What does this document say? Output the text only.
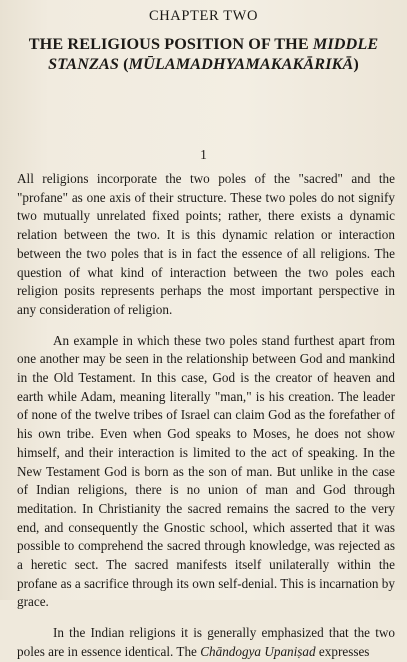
CHAPTER TWO
THE RELIGIOUS POSITION OF THE MIDDLE STANZAS (MŪLAMADHYAMAKAKĀRIKĀ)
1

All religions incorporate the two poles of the "sacred" and the "profane" as one axis of their structure. These two poles do not signify two mutually unrelated fixed points; rather, there exists a dynamic relation between the two. It is this dynamic relation or interaction between the two poles that is in fact the essence of all religions. The question of what kind of interaction between the two poles each religion posits represents perhaps the most important perspective in any consideration of religion.

An example in which these two poles stand furthest apart from one another may be seen in the relationship between God and mankind in the Old Testament. In this case, God is the creator of heaven and earth while Adam, meaning literally "man," is his creation. The leader of none of the twelve tribes of Israel can claim God as the forefather of his own tribe. Even when God speaks to Moses, he does not show himself, and their interaction is limited to the act of speaking. In the New Testament God is born as the son of man. But unlike in the case of Indian religions, there is no union of man and God through meditation. In Christianity the sacred remains the sacred to the very end, and consequently the Gnostic school, which asserted that it was possible to comprehend the sacred through knowledge, was rejected as a heretic sect. The sacred manifests itself unilaterally within the profane as a sacrifice through its own self-denial. This is incarnation by grace.

In the Indian religions it is generally emphasized that the two poles are in essence identical. The Chāndogya Upaniṣad expresses
